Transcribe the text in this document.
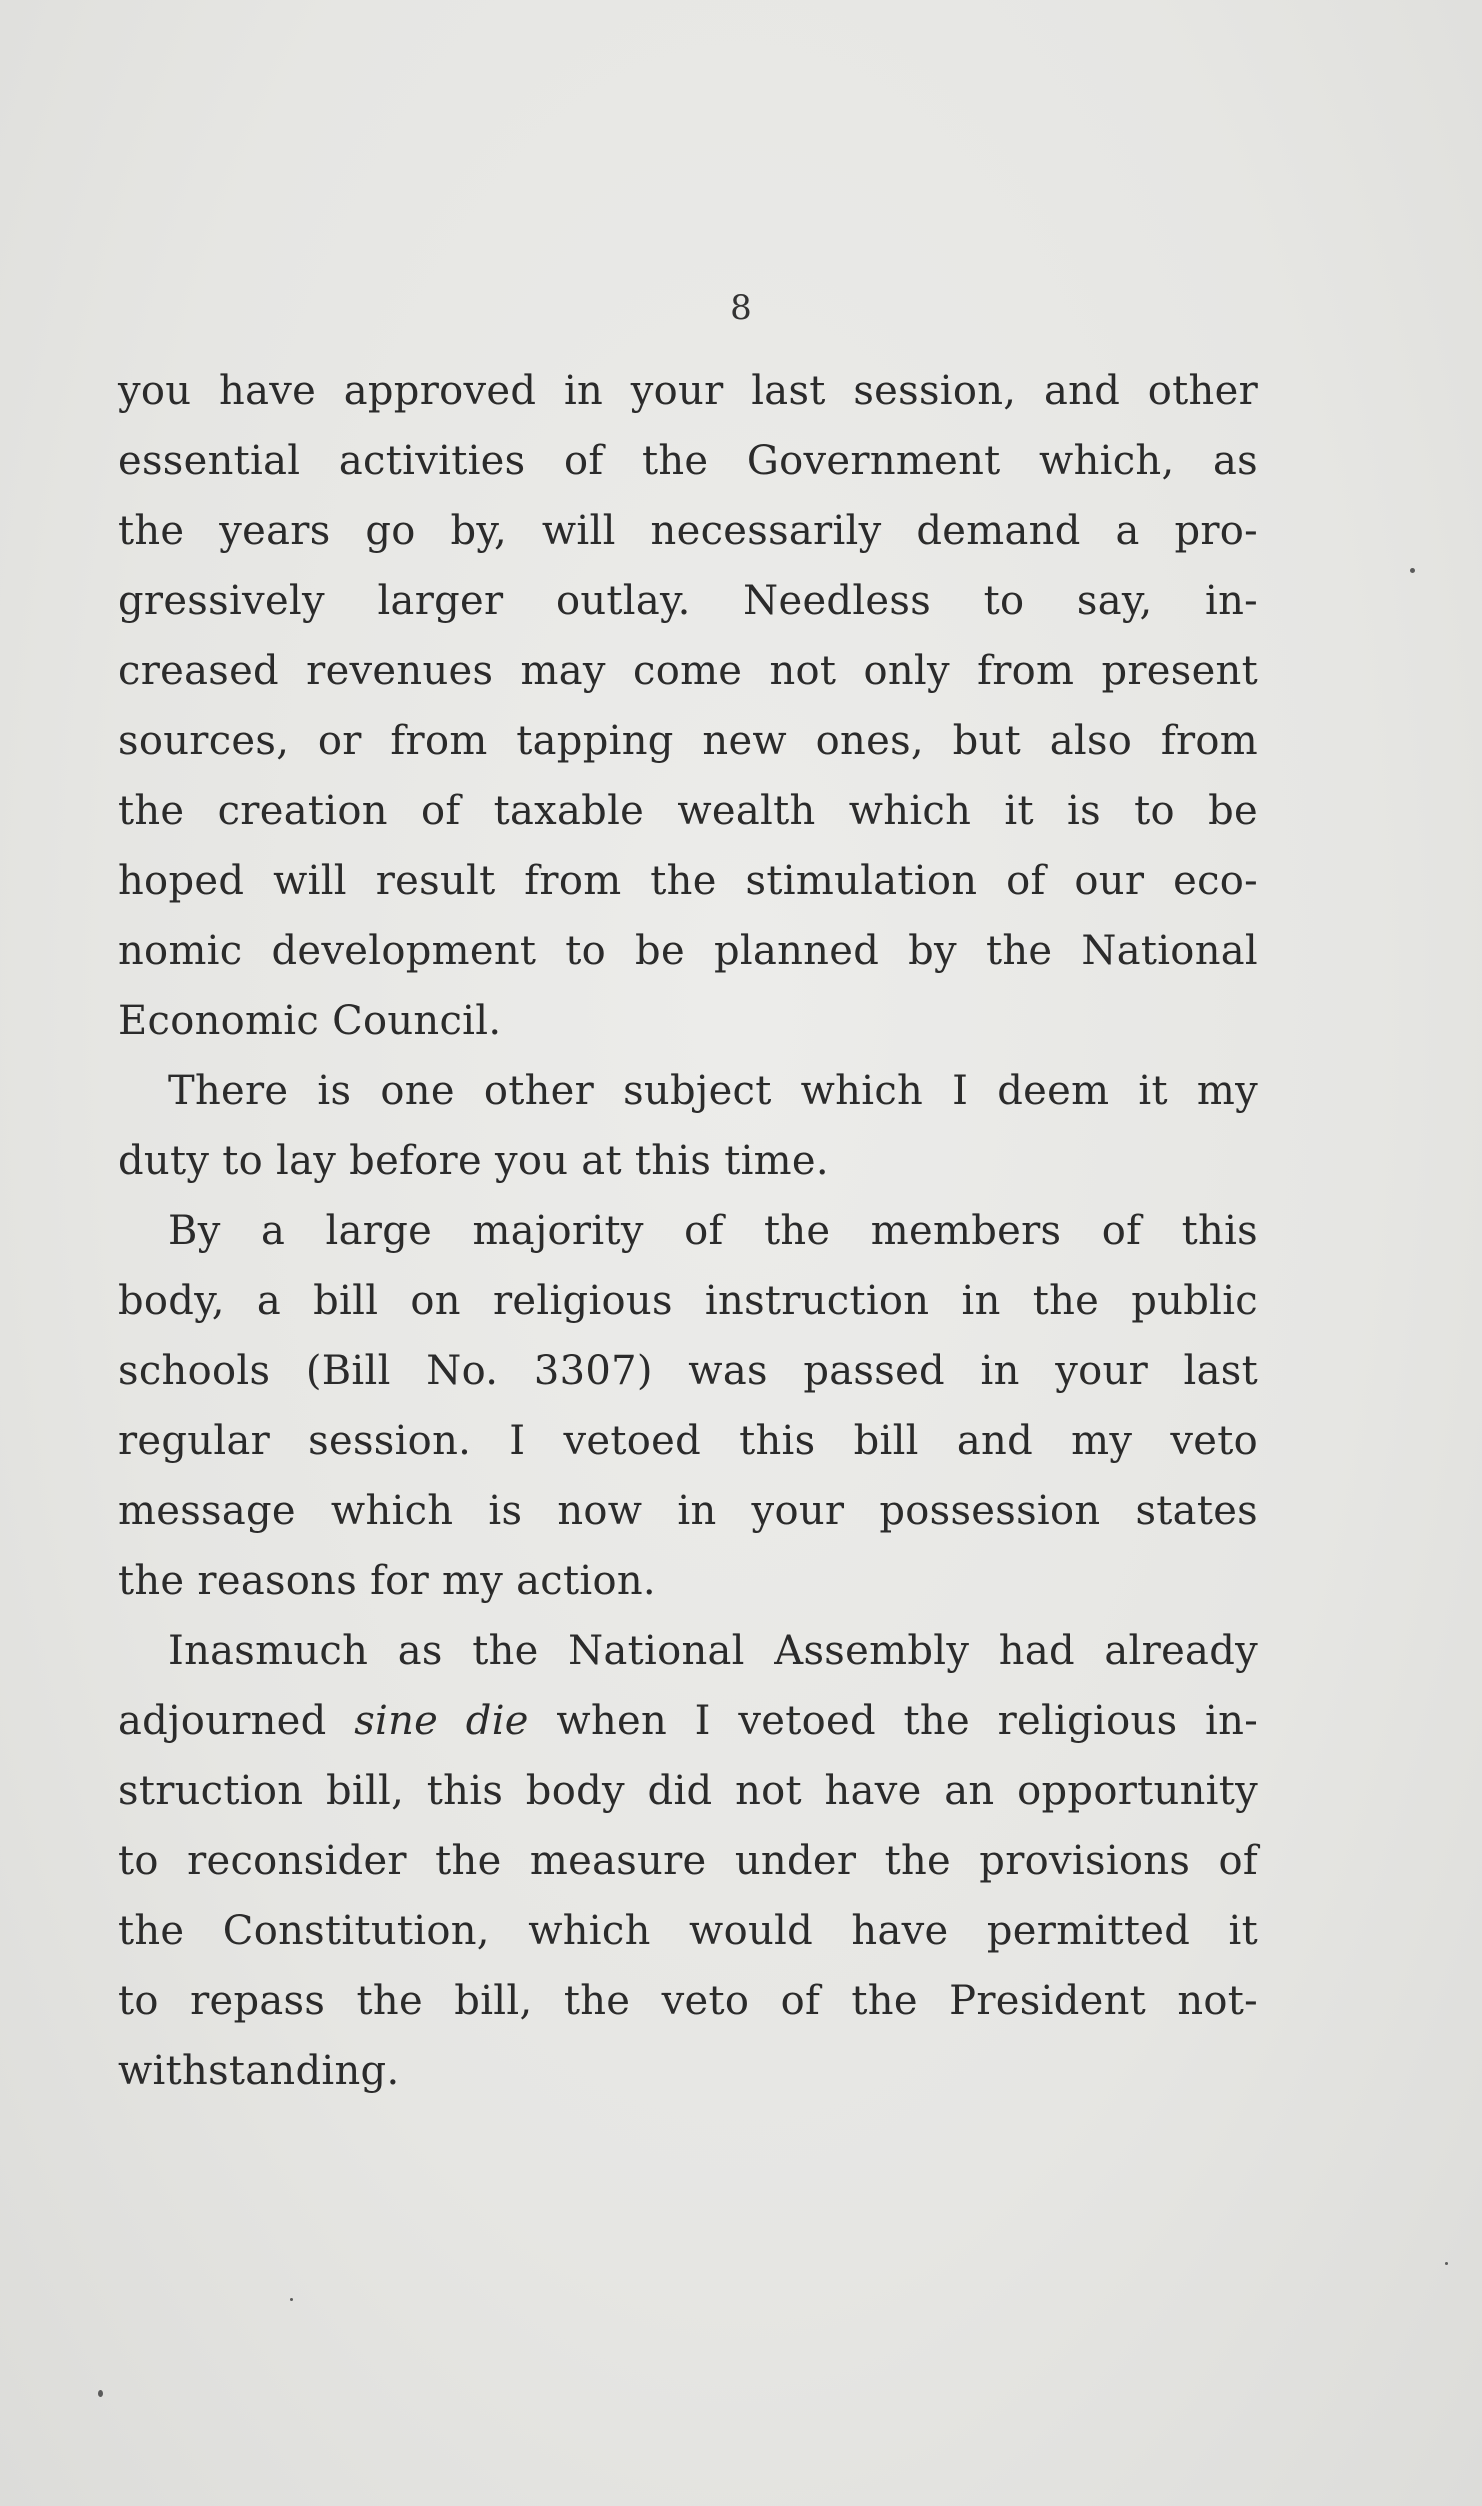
8
you have approved in your last session, and other
essential activities of the Government which, as
the years go by, will necessarily demand a pro-
gressively larger outlay. Needless to say, in-
creased revenues may come not only from present
sources, or from tapping new ones, but also from
the creation of taxable wealth which it is to be
hoped will result from the stimulation of our eco-
nomic development to be planned by the National
Economic Council.
There is one other subject which I deem it my
duty to lay before you at this time.
By a large majority of the members of this
body, a bill on religious instruction in the public
schools (Bill No. 3307) was passed in your last
regular session. I vetoed this bill and my veto
message which is now in your possession states
the reasons for my action.
Inasmuch as the National Assembly had already
adjourned sine die when I vetoed the religious in-
struction bill, this body did not have an opportunity
to reconsider the measure under the provisions of
the Constitution, which would have permitted it
to repass the bill, the veto of the President not-
withstanding.
